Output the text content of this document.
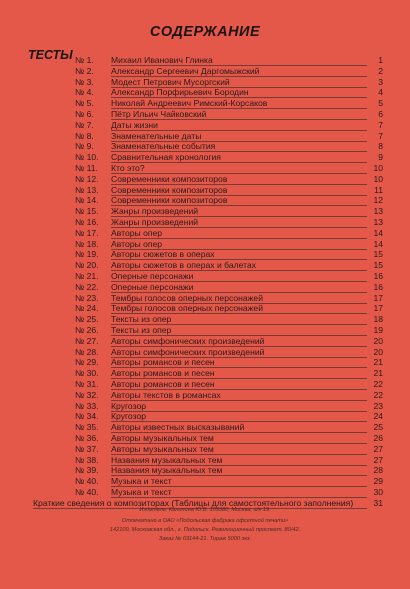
СОДЕРЖАНИЕ
ТЕСТЫ № 1.	Михаил Иванович Глинка	1
№ 2.	Александр Сергеевич Даргомыжский	2
№ 3.	Модест Петрович Мусоргский	3
№ 4.	Александр Порфирьевич Бородин	4
№ 5.	Николай Андреевич Римский-Корсаков	5
№ 6.	Пётр Ильич Чайковский	6
№ 7.	Даты жизни	7
№ 8.	Знаменательные даты	7
№ 9.	Знаменательные события	8
№ 10.	Сравнительная хронология	9
№ 11.	Кто это?	10
№ 12.	Современники композиторов	10
№ 13.	Современники композиторов	11
№ 14.	Современники композиторов	12
№ 15.	Жанры произведений	13
№ 16.	Жанры произведений	13
№ 17.	Авторы опер	14
№ 18.	Авторы опер	14
№ 19.	Авторы сюжетов в операх	15
№ 20.	Авторы сюжетов в операх и балетах	15
№ 21.	Оперные персонажи	16
№ 22.	Оперные персонажи	16
№ 23.	Тембры голосов оперных персонажей	17
№ 24.	Тембры голосов оперных персонажей	17
№ 25.	Тексты из опер	18
№ 26.	Тексты из опер	19
№ 27.	Авторы симфонических произведений	20
№ 28.	Авторы симфонических произведений	20
№ 29.	Авторы романсов и песен	21
№ 30.	Авторы романсов и песен	21
№ 31.	Авторы романсов и песен	22
№ 32.	Авторы текстов в романсах	22
№ 33.	Кругозор	23
№ 34.	Кругозор	24
№ 35.	Авторы известных высказываний	25
№ 36.	Авторы музыкальных тем	26
№ 37.	Авторы музыкальных тем	27
№ 38.	Названия музыкальных тем	27
№ 39.	Названия музыкальных тем	28
№ 40.	Музыка и текст	29
№ 40.	Музыка и текст	30
Краткие сведения о композиторах (Таблицы для самостоятельного заполнения)	31
Издатель: Калинина Ю.В. 109380, Москва, а/я 19.
Отпечатано в ОАО «Подольская фабрика офсетной печати»
142100, Московская обл., г. Подольск, Революционный проспект, 80/42.
Заказ № 03144-21. Тираж 5000 экз.
